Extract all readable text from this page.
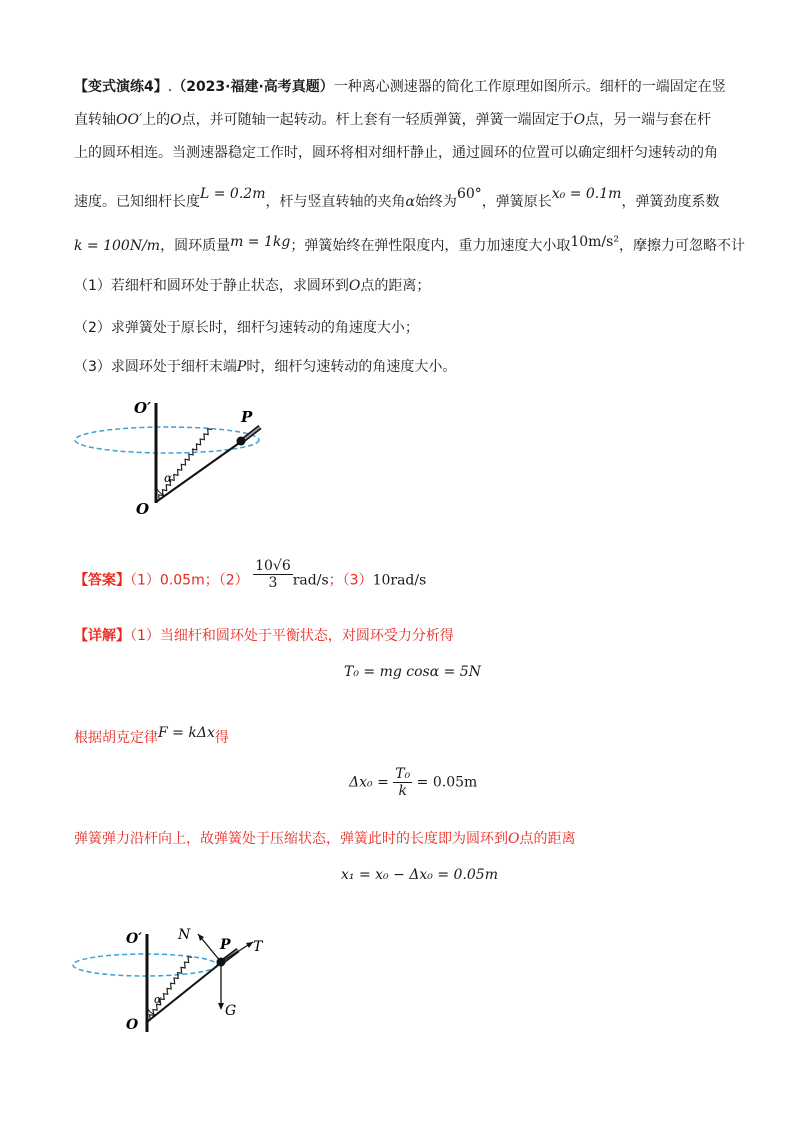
【变式演练4】.（2023·福建·高考真题）一种离心测速器的简化工作原理如图所示。细杆的一端固定在竖
直转轴OO′上的O点，并可随轴一起转动。杆上套有一轻质弹簧，弹簧一端固定于O点，另一端与套在杆
上的圆环相连。当测速器稳定工作时，圆环将相对细杆静止，通过圆环的位置可以确定细杆匀速转动的角
速度。已知细杆长度L = 0.2m，杆与竖直转轴的夹角α始终为60°，弹簧原长x₀ = 0.1m，弹簧劲度系数
k = 100N/m，圆环质量m = 1kg；弹簧始终在弹性限度内，重力加速度大小取10m/s²，摩擦力可忽略不计
（1）若细杆和圆环处于静止状态，求圆环到O点的距离；
（2）求弹簧处于原长时，细杆匀速转动的角速度大小；
（3）求圆环处于细杆末端P时，细杆匀速转动的角速度大小。
O′
O
P
α
【答案】（1）0.05m；$(2) \frac{10√6}{3} rad/s$；（3）10rad/s
【详解】（1）当细杆和圆环处于平衡状态，对圆环受力分析得
T₀ = mg cosα = 5N
根据胡克定律F = kΔx得
$\Delta x_0 = \frac{\text{T₀}}{k} = 0.05m$
弹簧弹力沿杆向上，故弹簧处于压缩状态，弹簧此时的长度即为圆环到O点的距离
x₁ = x₀ − Δx₀ = 0.05m
O′
O
P
α
N
T
G
